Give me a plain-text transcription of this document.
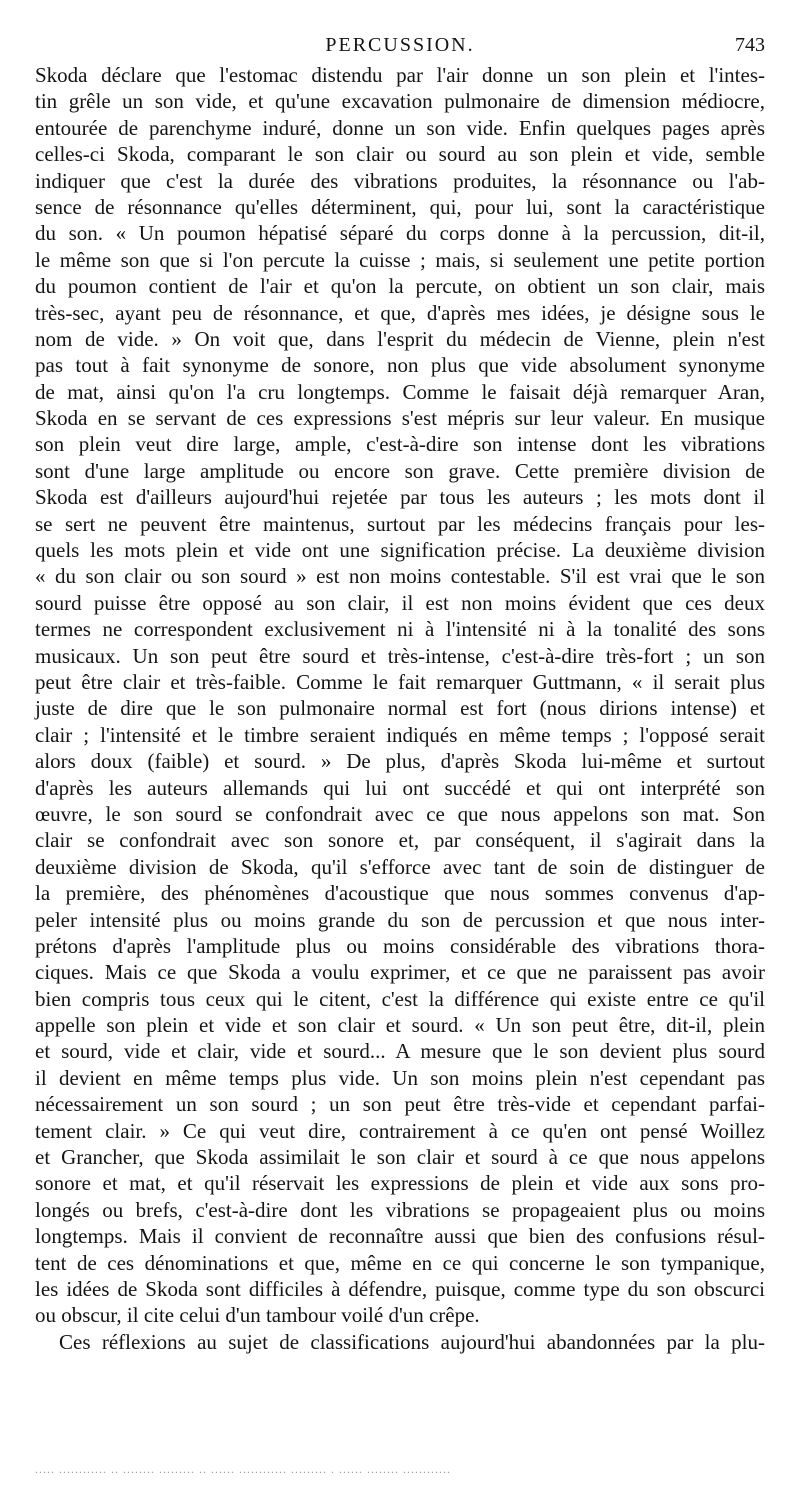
PERCUSSION.	743
Skoda déclare que l'estomac distendu par l'air donne un son plein et l'intes-
tin grêle un son vide, et qu'une excavation pulmonaire de dimension médiocre,
entourée de parenchyme induré, donne un son vide. Enfin quelques pages après
celles-ci Skoda, comparant le son clair ou sourd au son plein et vide, semble
indiquer que c'est la durée des vibrations produites, la résonnance ou l'ab-
sence de résonnance qu'elles déterminent, qui, pour lui, sont la caractéristique
du son. « Un poumon hépatisé séparé du corps donne à la percussion, dit-il,
le même son que si l'on percute la cuisse ; mais, si seulement une petite portion
du poumon contient de l'air et qu'on la percute, on obtient un son clair, mais
très-sec, ayant peu de résonnance, et que, d'après mes idées, je désigne sous le
nom de vide. » On voit que, dans l'esprit du médecin de Vienne, plein n'est
pas tout à fait synonyme de sonore, non plus que vide absolument synonyme
de mat, ainsi qu'on l'a cru longtemps. Comme le faisait déjà remarquer Aran,
Skoda en se servant de ces expressions s'est mépris sur leur valeur. En musique
son plein veut dire large, ample, c'est-à-dire son intense dont les vibrations
sont d'une large amplitude ou encore son grave. Cette première division de
Skoda est d'ailleurs aujourd'hui rejetée par tous les auteurs ; les mots dont il
se sert ne peuvent être maintenus, surtout par les médecins français pour les-
quels les mots plein et vide ont une signification précise. La deuxième division
« du son clair ou son sourd » est non moins contestable. S'il est vrai que le son
sourd puisse être opposé au son clair, il est non moins évident que ces deux
termes ne correspondent exclusivement ni à l'intensité ni à la tonalité des sons
musicaux. Un son peut être sourd et très-intense, c'est-à-dire très-fort ; un son
peut être clair et très-faible. Comme le fait remarquer Guttmann, « il serait plus
juste de dire que le son pulmonaire normal est fort (nous dirions intense) et
clair ; l'intensité et le timbre seraient indiqués en même temps ; l'opposé serait
alors doux (faible) et sourd. » De plus, d'après Skoda lui-même et surtout
d'après les auteurs allemands qui lui ont succédé et qui ont interprété son
œuvre, le son sourd se confondrait avec ce que nous appelons son mat. Son
clair se confondrait avec son sonore et, par conséquent, il s'agirait dans la
deuxième division de Skoda, qu'il s'efforce avec tant de soin de distinguer de
la première, des phénomènes d'acoustique que nous sommes convenus d'ap-
peler intensité plus ou moins grande du son de percussion et que nous inter-
prétons d'après l'amplitude plus ou moins considérable des vibrations thora-
ciques. Mais ce que Skoda a voulu exprimer, et ce que ne paraissent pas avoir
bien compris tous ceux qui le citent, c'est la différence qui existe entre ce qu'il
appelle son plein et vide et son clair et sourd. « Un son peut être, dit-il, plein
et sourd, vide et clair, vide et sourd... A mesure que le son devient plus sourd
il devient en même temps plus vide. Un son moins plein n'est cependant pas
nécessairement un son sourd ; un son peut être très-vide et cependant parfai-
tement clair. » Ce qui veut dire, contrairement à ce qu'en ont pensé Woillez
et Grancher, que Skoda assimilait le son clair et sourd à ce que nous appelons
sonore et mat, et qu'il réservait les expressions de plein et vide aux sons pro-
longés ou brefs, c'est-à-dire dont les vibrations se propageaient plus ou moins
longtemps. Mais il convient de reconnaître aussi que bien des confusions résul-
tent de ces dénominations et que, même en ce qui concerne le son tympanique,
les idées de Skoda sont difficiles à défendre, puisque, comme type du son obscurci
ou obscur, il cite celui d'un tambour voilé d'un crêpe.
Ces réflexions au sujet de classifications aujourd'hui abandonnées par la plu-
..... ............ .. ........ ......... .. ...... ............ ......... . ...... ........ ............
